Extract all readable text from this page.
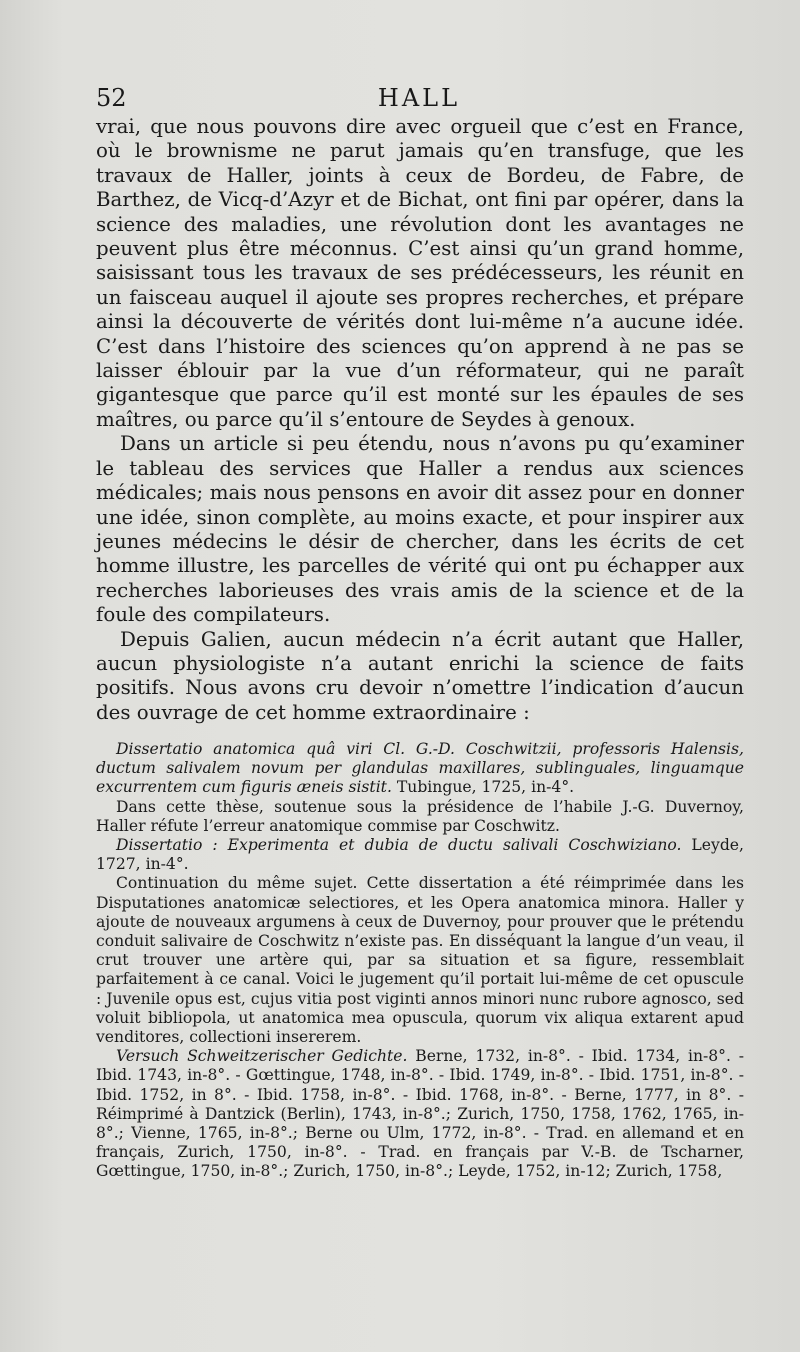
52	HALL

vrai, que nous pouvons dire avec orgueil que c’est en France, où le brownisme ne parut jamais qu’en transfuge, que les travaux de Haller, joints à ceux de Bordeu, de Fabre, de Barthez, de Vicq-d’Azyr et de Bichat, ont fini par opérer, dans la science des maladies, une révolution dont les avantages ne peuvent plus être méconnus. C’est ainsi qu’un grand homme, saisissant tous les travaux de ses prédécesseurs, les réunit en un faisceau auquel il ajoute ses propres recherches, et prépare ainsi la découverte de vérités dont lui-même n’a aucune idée. C’est dans l’histoire des sciences qu’on apprend à ne pas se laisser éblouir par la vue d’un réformateur, qui ne paraît gigantesque que parce qu’il est monté sur les épaules de ses maîtres, ou parce qu’il s’entoure de Seydes à genoux.

Dans un article si peu étendu, nous n’avons pu qu’examiner le tableau des services que Haller a rendus aux sciences médicales; mais nous pensons en avoir dit assez pour en donner une idée, sinon complète, au moins exacte, et pour inspirer aux jeunes médecins le désir de chercher, dans les écrits de cet homme illustre, les parcelles de vérité qui ont pu échapper aux recherches laborieuses des vrais amis de la science et de la foule des compilateurs.

Depuis Galien, aucun médecin n’a écrit autant que Haller, aucun physiologiste n’a autant enrichi la science de faits positifs. Nous avons cru devoir n’omettre l’indication d’aucun des ouvrage de cet homme extraordinaire :

Dissertatio anatomica quâ viri Cl. G.-D. Coschwitzii, professoris Halensis, ductum salivalem novum per glandulas maxillares, sublinguales, linguamque excurrentem cum figuris æneis sistit. Tubingue, 1725, in-4°.

Dans cette thèse, soutenue sous la présidence de l’habile J.-G. Duvernoy, Haller réfute l’erreur anatomique commise par Coschwitz.

Dissertatio : Experimenta et dubia de ductu salivali Coschwiziano. Leyde, 1727, in-4°.

Continuation du même sujet. Cette dissertation a été réimprimée dans les Disputationes anatomicæ selectiores, et les Opera anatomica minora. Haller y ajoute de nouveaux argumens à ceux de Duvernoy, pour prouver que le prétendu conduit salivaire de Coschwitz n’existe pas. En disséquant la langue d’un veau, il crut trouver une artère qui, par sa situation et sa figure, ressemblait parfaitement à ce canal. Voici le jugement qu’il portait lui-même de cet opuscule : Juvenile opus est, cujus vitia post viginti annos minori nunc rubore agnosco, sed voluit bibliopola, ut anatomica mea opuscula, quorum vix aliqua extarent apud venditores, collectioni insererem.

Versuch Schweitzerischer Gedichte. Berne, 1732, in-8°. - Ibid. 1734, in-8°. - Ibid. 1743, in-8°. - Gœttingue, 1748, in-8°. - Ibid. 1749, in-8°. - Ibid. 1751, in-8°. - Ibid. 1752, in 8°. - Ibid. 1758, in-8°. - Ibid. 1768, in-8°. - Berne, 1777, in 8°. - Réimprimé à Dantzick (Berlin), 1743, in-8°.; Zurich, 1750, 1758, 1762, 1765, in-8°.; Vienne, 1765, in-8°.; Berne ou Ulm, 1772, in-8°. - Trad. en allemand et en français, Zurich, 1750, in-8°. - Trad. en français par V.-B. de Tscharner, Gœttingue, 1750, in-8°.; Zurich, 1750, in-8°.; Leyde, 1752, in-12; Zurich, 1758,
